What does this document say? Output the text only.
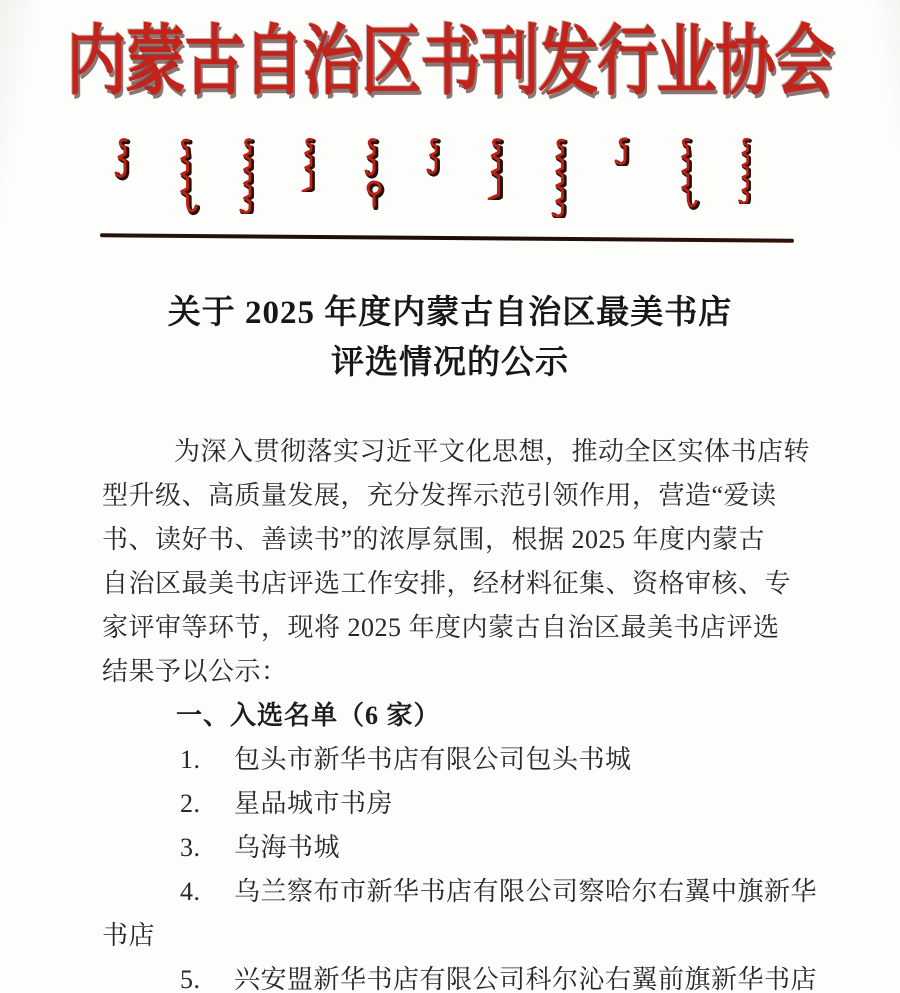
内蒙古自治区书刊发行业协会
关于 2025 年度内蒙古自治区最美书店
评选情况的公示
为深入贯彻落实习近平文化思想，推动全区实体书店转
型升级、高质量发展，充分发挥示范引领作用，营造“爱读
书、读好书、善读书”的浓厚氛围，根据 2025 年度内蒙古
自治区最美书店评选工作安排，经材料征集、资格审核、专
家评审等环节，现将 2025 年度内蒙古自治区最美书店评选
结果予以公示：
一、入选名单（6 家）
1. 包头市新华书店有限公司包头书城
2. 星品城市书房
3. 乌海书城
4. 乌兰察布市新华书店有限公司察哈尔右翼中旗新华
书店
5. 兴安盟新华书店有限公司科尔沁右翼前旗新华书店
